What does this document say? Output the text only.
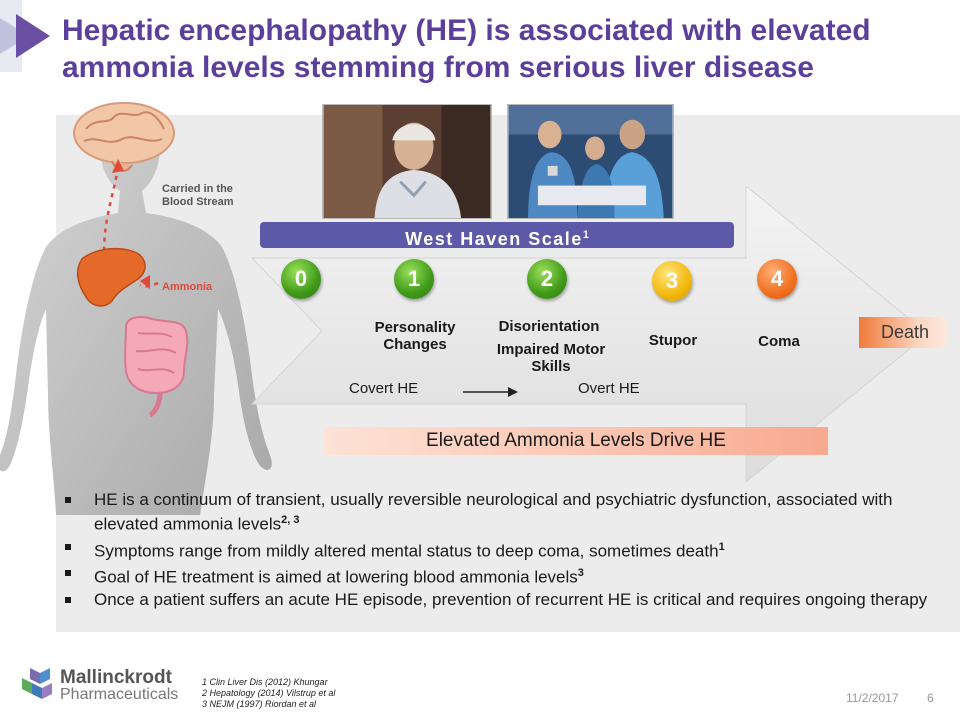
Hepatic encephalopathy (HE) is associated with elevated ammonia levels stemming from serious liver disease
Carried in the
Blood Stream
Ammonia
West Haven Scale$^1$
0	1	2	3	4
Personality Changes
Disorientation
Impaired Motor Skills
Stupor	Coma	Death
Covert HE	Overt HE
Elevated Ammonia Levels Drive HE
HE is a continuum of transient, usually reversible neurological and psychiatric dysfunction, associated with elevated ammonia levels$^{2, 3}$
Symptoms range from mildly altered mental status to deep coma, sometimes death$^1$
Goal of HE treatment is aimed at lowering blood ammonia levels$^3$
Once a patient suffers an acute HE episode, prevention of recurrent HE is critical and requires ongoing therapy
Mallinckrodt
Pharmaceuticals
1 Clin Liver Dis (2012) Khungar
2 Hepatology (2014) Vilstrup et al
3 NEJM (1997) Riordan et al	11/2/2017 6
